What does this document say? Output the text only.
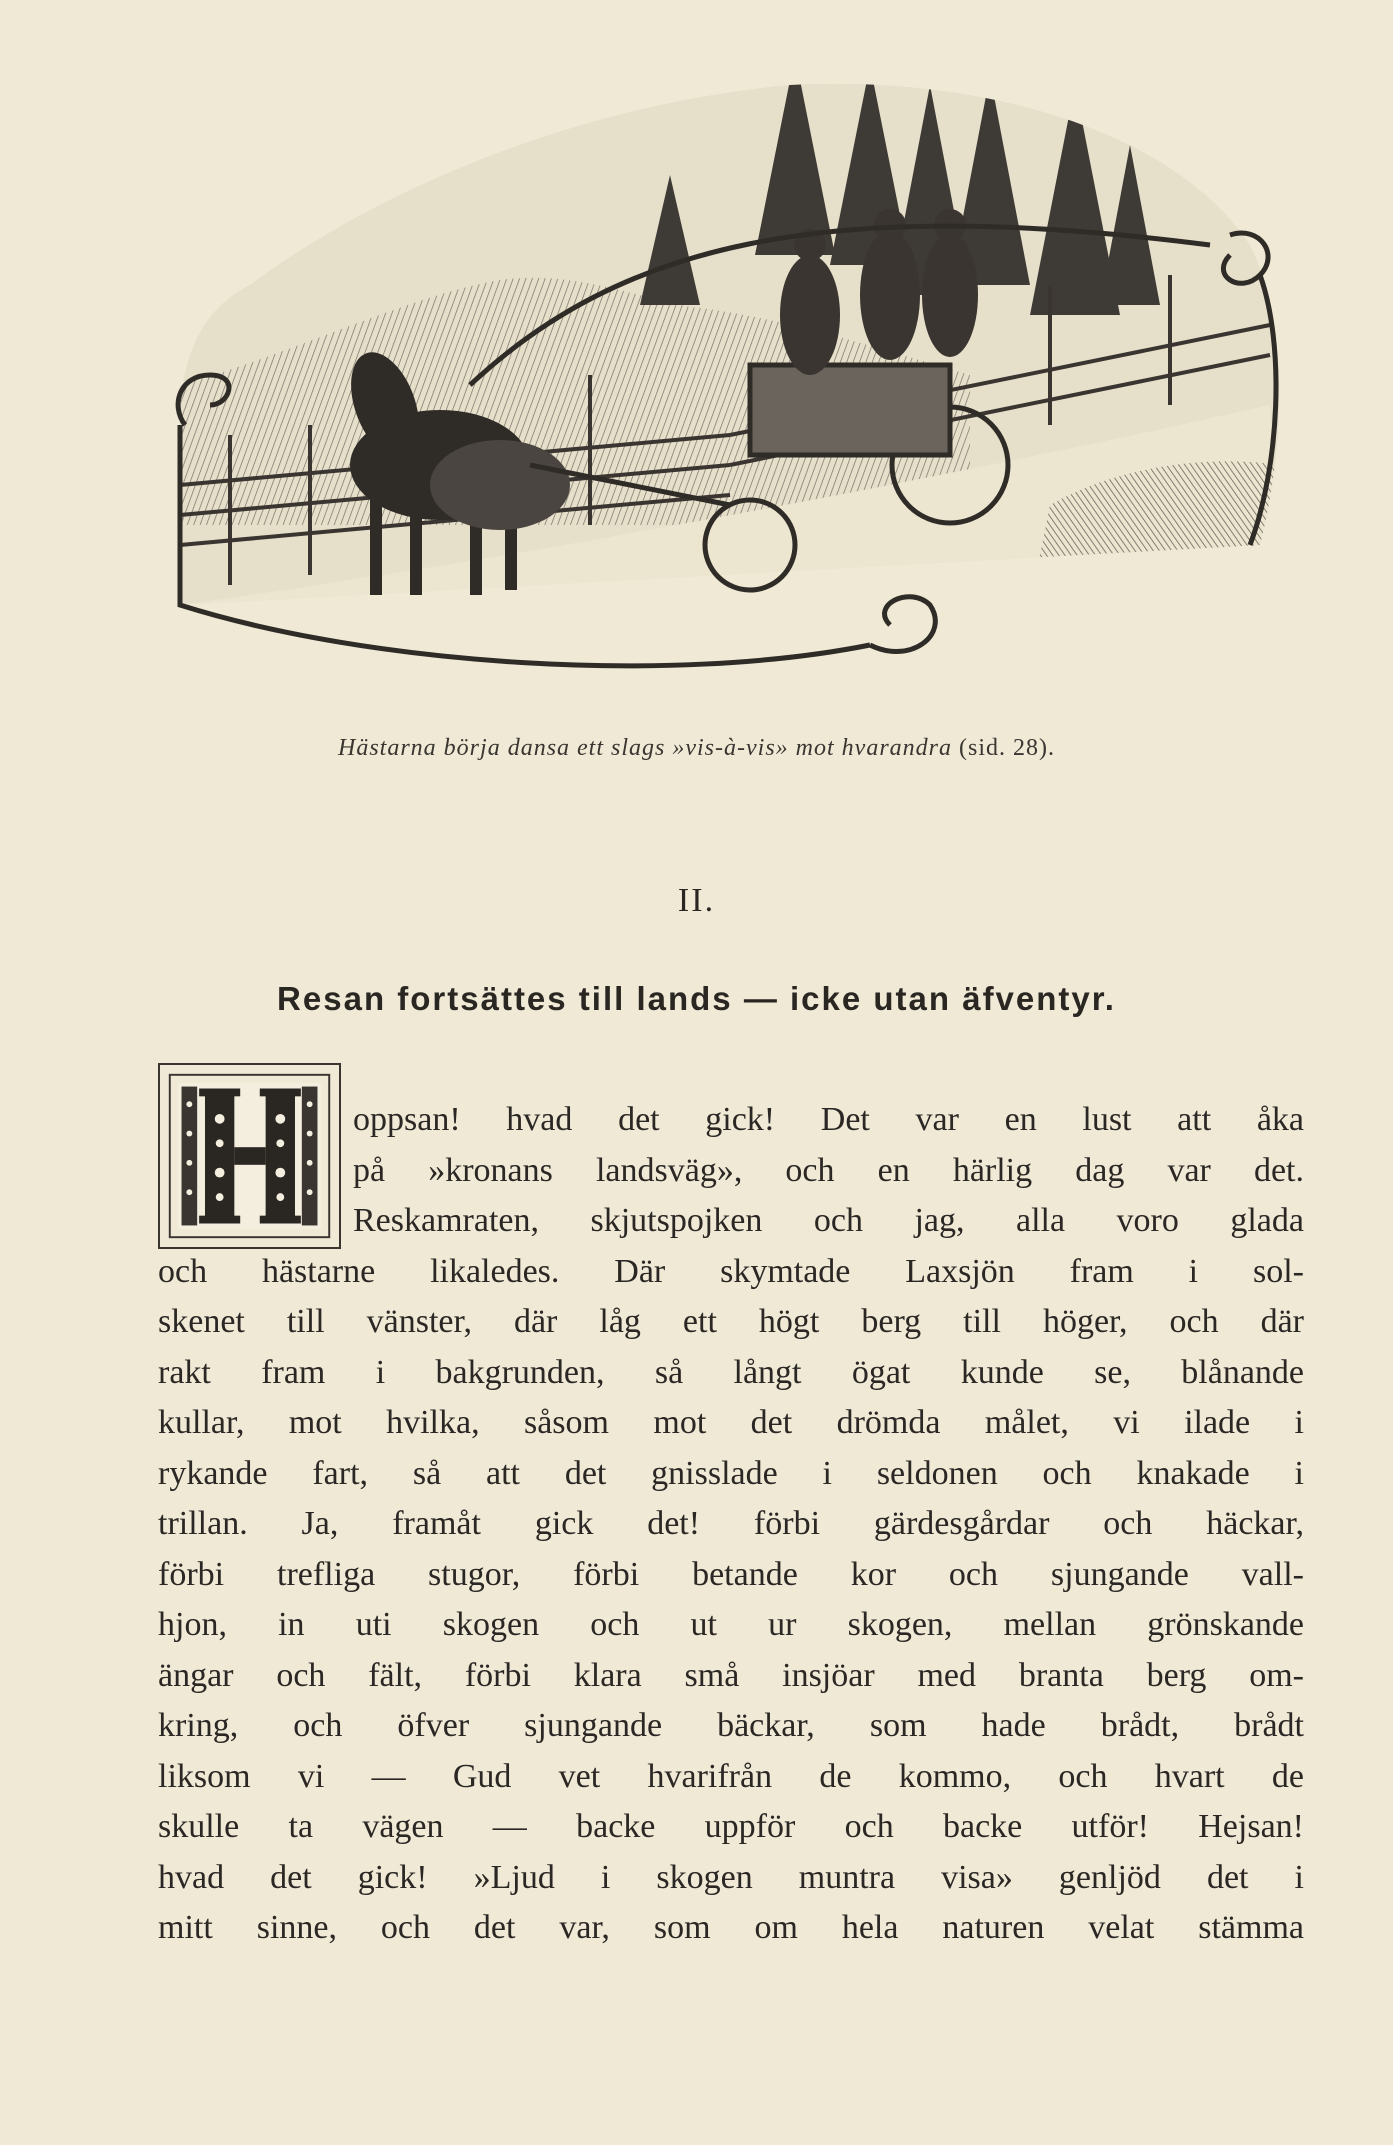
Hästarna börja dansa ett slags »vis-à-vis» mot hvarandra (sid. 28).
II.
Resan fortsättes till lands — icke utan äfventyr.
oppsan! hvad det gick! Det var en lust att åka
på »kronans landsväg», och en härlig dag var det.
Reskamraten, skjutspojken och jag, alla voro glada
och hästarne likaledes. Där skymtade Laxsjön fram i sol-
skenet till vänster, där låg ett högt berg till höger, och där
rakt fram i bakgrunden, så långt ögat kunde se, blånande
kullar, mot hvilka, såsom mot det drömda målet, vi ilade i
rykande fart, så att det gnisslade i seldonen och knakade i
trillan. Ja, framåt gick det! förbi gärdesgårdar och häckar,
förbi trefliga stugor, förbi betande kor och sjungande vall-
hjon, in uti skogen och ut ur skogen, mellan grönskande
ängar och fält, förbi klara små insjöar med branta berg om-
kring, och öfver sjungande bäckar, som hade brådt, brådt
liksom vi — Gud vet hvarifrån de kommo, och hvart de
skulle ta vägen — backe uppför och backe utför! Hejsan!
hvad det gick! »Ljud i skogen muntra visa» genljöd det i
mitt sinne, och det var, som om hela naturen velat stämma
